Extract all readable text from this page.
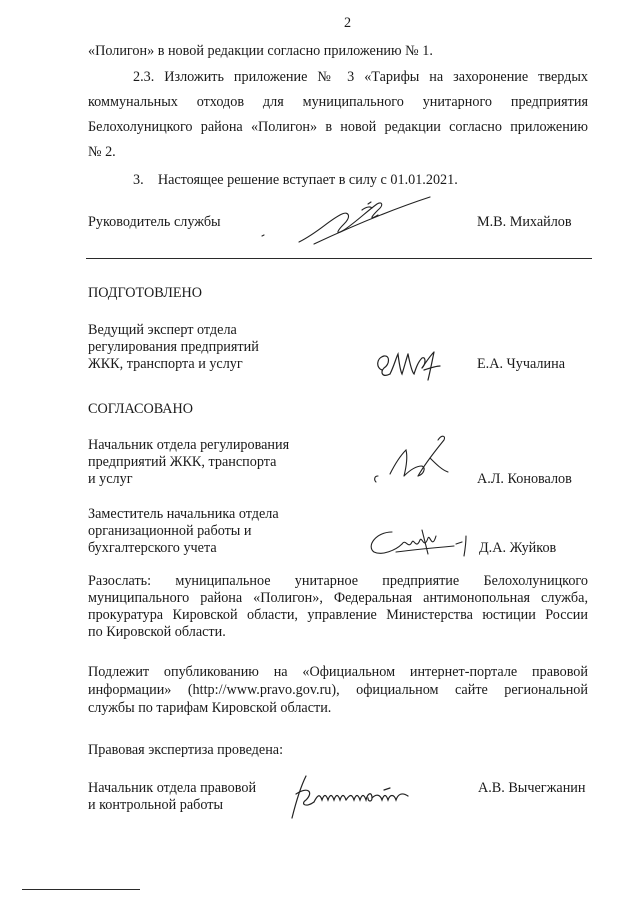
2
«Полигон» в новой редакции согласно приложению № 1.
2.3. Изложить приложение № 3 «Тарифы на захоронение твердых
коммунальных отходов для муниципального унитарного предприятия
Белохолуницкого района «Полигон» в новой редакции согласно приложению
№ 2.
3.    Настоящее решение вступает в силу с 01.01.2021.
Руководитель службы	М.В. Михайлов
ПОДГОТОВЛЕНО
Ведущий эксперт отдела
регулирования предприятий
ЖКК, транспорта и услуг	Е.А. Чучалина
СОГЛАСОВАНО
Начальник отдела регулирования
предприятий ЖКК, транспорта
и услуг	А.Л. Коновалов
Заместитель начальника отдела
организационной работы и
бухгалтерского учета	Д.А. Жуйков
Разослать: муниципальное унитарное предприятие Белохолуницкого
муниципального района «Полигон», Федеральная антимонопольная служба,
прокуратура Кировской области, управление Министерства юстиции России
по Кировской области.
Подлежит опубликованию на «Официальном интернет-портале правовой
информации» (http://www.pravo.gov.ru), официальном сайте региональной
службы по тарифам Кировской области.
Правовая экспертиза проведена:
Начальник отдела правовой
и контрольной работы
А.В. Вычегжанин
